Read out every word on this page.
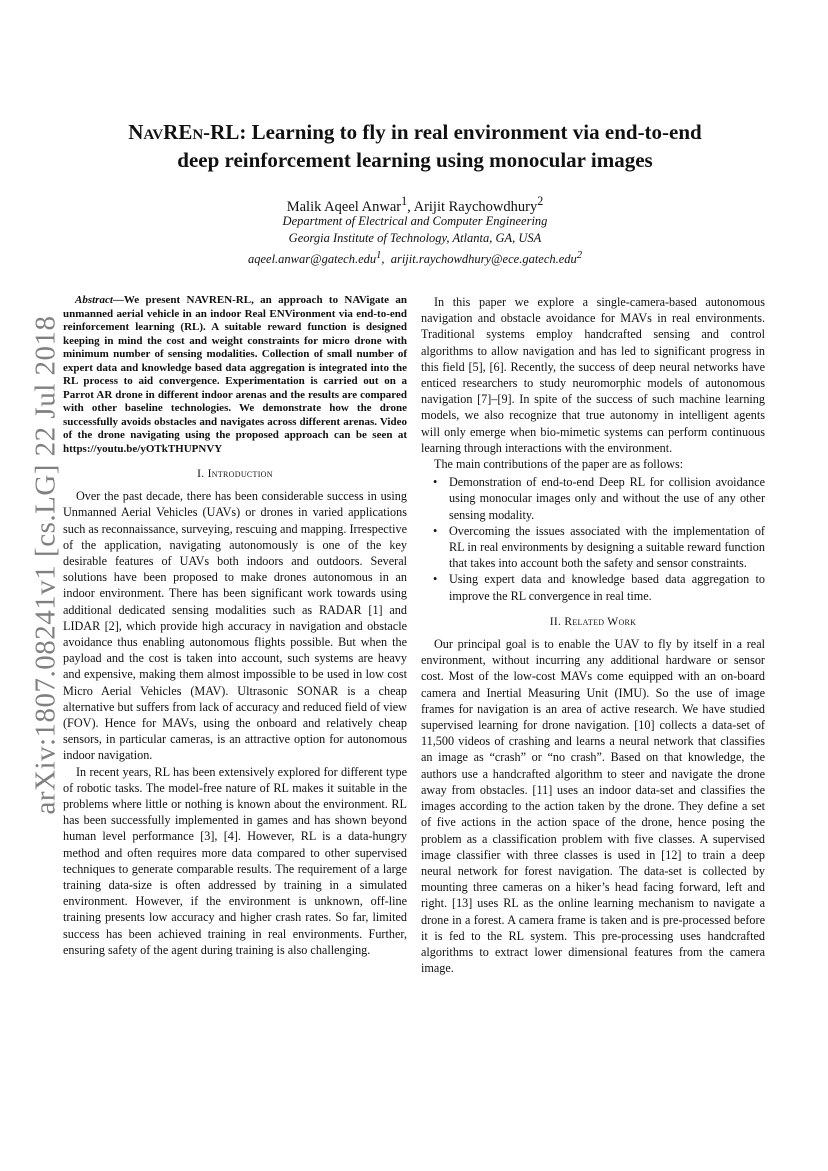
arXiv:1807.08241v1 [cs.LG] 22 Jul 2018
NavREn-RL: Learning to fly in real environment via end-to-end
deep reinforcement learning using monocular images
Malik Aqeel Anwar$^1$, Arijit Raychowdhury$^2$
Department of Electrical and Computer Engineering
Georgia Institute of Technology, Atlanta, GA, USA
aqeel.anwar@gatech.edu$^1$,  arijit.raychowdhury@ece.gatech.edu$^2$

Abstract—We present NAVREN-RL, an approach to NAVigate an unmanned aerial vehicle in an indoor Real ENVironment via end-to-end reinforcement learning (RL). A suitable reward function is designed keeping in mind the cost and weight constraints for micro drone with minimum number of sensing modalities. Collection of small number of expert data and knowledge based data aggregation is integrated into the RL process to aid convergence. Experimentation is carried out on a Parrot AR drone in different indoor arenas and the results are compared with other baseline technologies. We demonstrate how the drone successfully avoids obstacles and navigates across different arenas. Video of the drone navigating using the proposed approach can be seen at https://youtu.be/yOTkTHUPNVY

I. Introduction

Over the past decade, there has been considerable success in using Unmanned Aerial Vehicles (UAVs) or drones in varied applications such as reconnaissance, surveying, rescuing and mapping. Irrespective of the application, navigating autonomously is one of the key desirable features of UAVs both indoors and outdoors. Several solutions have been proposed to make drones autonomous in an indoor environment. There has been significant work towards using additional dedicated sensing modalities such as RADAR [1] and LIDAR [2], which provide high accuracy in navigation and obstacle avoidance thus enabling autonomous flights possible. But when the payload and the cost is taken into account, such systems are heavy and expensive, making them almost impossible to be used in low cost Micro Aerial Vehicles (MAV). Ultrasonic SONAR is a cheap alternative but suffers from lack of accuracy and reduced field of view (FOV). Hence for MAVs, using the onboard and relatively cheap sensors, in particular cameras, is an attractive option for autonomous indoor navigation.

In recent years, RL has been extensively explored for different type of robotic tasks. The model-free nature of RL makes it suitable in the problems where little or nothing is known about the environment. RL has been successfully implemented in games and has shown beyond human level performance [3], [4]. However, RL is a data-hungry method and often requires more data compared to other supervised techniques to generate comparable results. The requirement of a large training data-size is often addressed by training in a simulated environment. However, if the environment is unknown, off-line training presents low accuracy and higher crash rates. So far, limited success has been achieved training in real environments. Further, ensuring safety of the agent during training is also challenging.

In this paper we explore a single-camera-based autonomous navigation and obstacle avoidance for MAVs in real environments. Traditional systems employ handcrafted sensing and control algorithms to allow navigation and has led to significant progress in this field [5], [6]. Recently, the success of deep neural networks have enticed researchers to study neuromorphic models of autonomous navigation [7]–[9]. In spite of the success of such machine learning models, we also recognize that true autonomy in intelligent agents will only emerge when bio-mimetic systems can perform continuous learning through interactions with the environment.

The main contributions of the paper are as follows:

• Demonstration of end-to-end Deep RL for collision avoidance using monocular images only and without the use of any other sensing modality.
• Overcoming the issues associated with the implementation of RL in real environments by designing a suitable reward function that takes into account both the safety and sensor constraints.
• Using expert data and knowledge based data aggregation to improve the RL convergence in real time.
II. Related Work

Our principal goal is to enable the UAV to fly by itself in a real environment, without incurring any additional hardware or sensor cost. Most of the low-cost MAVs come equipped with an on-board camera and Inertial Measuring Unit (IMU). So the use of image frames for navigation is an area of active research. We have studied supervised learning for drone navigation. [10] collects a data-set of 11,500 videos of crashing and learns a neural network that classifies an image as “crash” or “no crash”. Based on that knowledge, the authors use a handcrafted algorithm to steer and navigate the drone away from obstacles. [11] uses an indoor data-set and classifies the images according to the action taken by the drone. They define a set of five actions in the action space of the drone, hence posing the problem as a classification problem with five classes. A supervised image classifier with three classes is used in [12] to train a deep neural network for forest navigation. The data-set is collected by mounting three cameras on a hiker’s head facing forward, left and right. [13] uses RL as the online learning mechanism to navigate a drone in a forest. A camera frame is taken and is pre-processed before it is fed to the RL system. This pre-processing uses handcrafted algorithms to extract lower dimensional features from the camera image.
